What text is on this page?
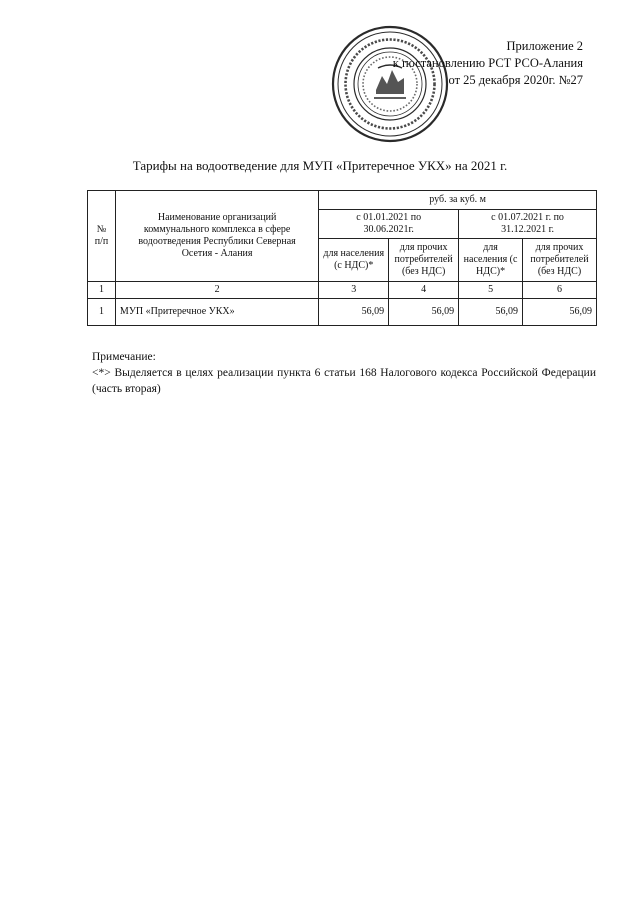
Приложение 2
к постановлению РСТ РСО-Алания
от 25 декабря 2020г. №27
Тарифы на водоотведение для МУП «Притеречное УКХ» на 2021 г.
№
п/п	Наименование организаций коммунального комплекса в сфере водоотведения Республики Северная Осетия - Алания	руб. за куб. м			
		с 01.01.2021 по 30.06.2021г.		с 01.07.2021 г. по 31.12.2021 г.	
		для населения (с НДС)*	для прочих потребителей (без НДС)	для населения (с НДС)*	для прочих потребителей (без НДС)
1	2	3	4	5	6
1	МУП «Притеречное УКХ»	56,09	56,09	56,09	56,09
Примечание:
<*> Выделяется в целях реализации пункта 6 статьи 168 Налогового кодекса Российской Федерации (часть вторая)
